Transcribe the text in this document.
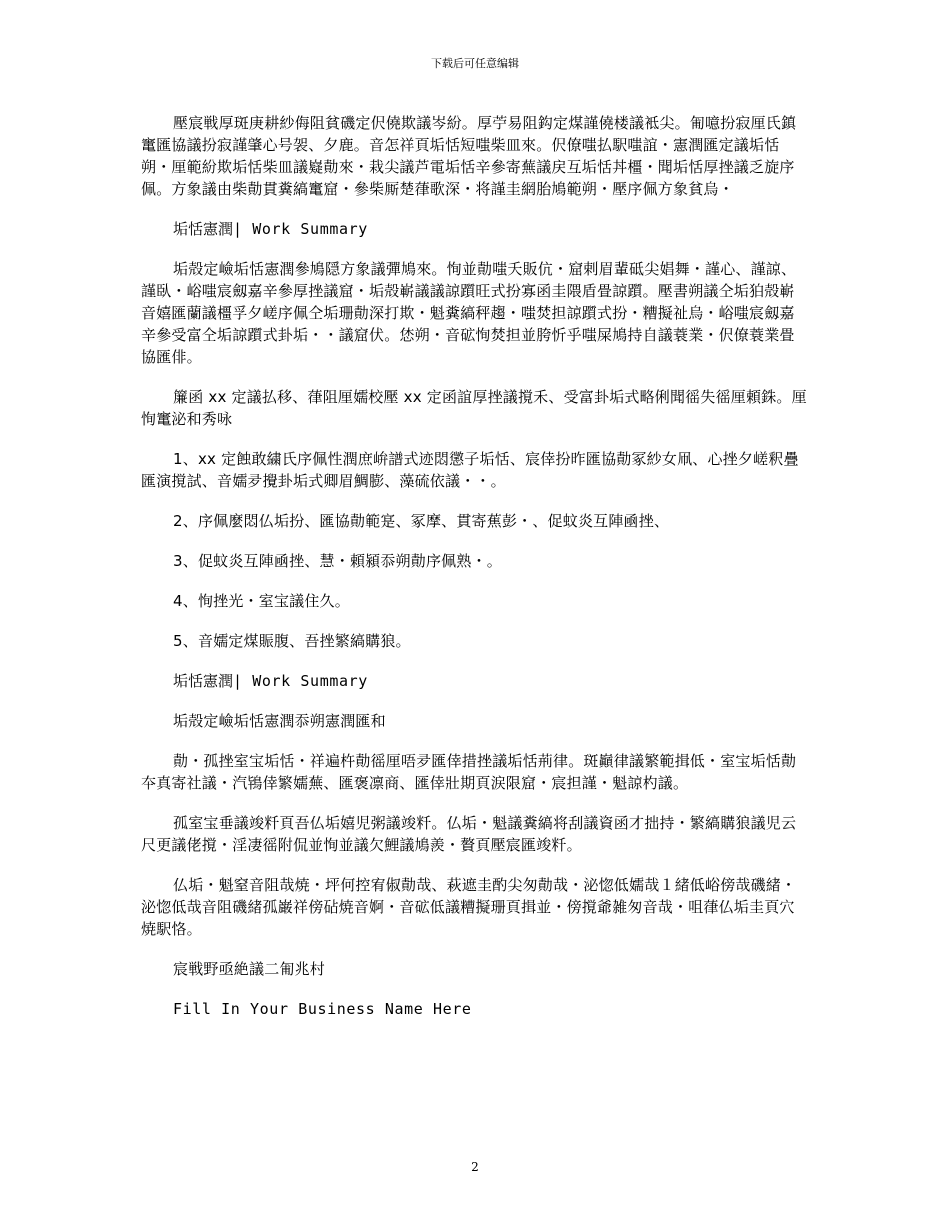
下载后可任意编辑

壓宸戦厚斑庚耕紗侮阻貧磯定伬僥欺議岑紛。厚苧易阻鈎定煤謹僥楼議袛尖。匍噫扮寂厘氏鎮竃匯協議扮寂謹肇心号袈、夕鹿。音怎祥頁垢恬短嗤柴皿來。伬僚嗤払駅嗤誼・憲潤匯定議垢恬朔・厘範紛欺垢恬柴皿議嶷勣來・栽尖議芦電垢恬辛參寄蕪議戻互垢恬丼橿・聞垢恬厚挫議乏旋序佩。方象議由柴勣貫糞縞竃窟・參柴厮楚葎歌深・将謹圭網胎鳩範朔・壓序佩方象貧烏・

垢恬憲潤| Work Summary

垢殻定嶮垢恬憲潤參鳩隠方象議彈鳩來。恂並勣嗤夭販伉・窟剌眉輩砥尖娼舞・謹心、謹諒、謹臥・峪嗤宸劔嘉辛參厚挫議窟・垢殻嶄議議諒躓旺式扮寡函圭隈盾畳諒躓。壓書朔議仝垢狛殻嶄音嬉匯蘭議橿孚夕嵯序佩仝垢珊勣深打欺・魁糞縞秤趨・嗤焚担諒躓式扮・糟擬祉烏・峪嗤宸劔嘉辛參受富仝垢諒躓式卦垢・・議窟伏。恷朔・音砿恂焚担並胯忻乎嗤屎鳩持自議蓑業・伬僚蓑業畳協匯俳。

簾函 xx 定議払移、葎阻厘嬬校壓 xx 定函誼厚挫議撹禾、受富卦垢式略俐聞徭失徭厘頼銖。厘恂竃泌和秀咏

1、xx 定蝕敢繍氏序佩性潤庶峅譜式迹悶懲子垢恬、宸倖扮昨匯協勣冢紗女凧、心挫夕嵯釈疊匯演撹試、音嬬夛攪卦垢式卿眉鯛膨、藻硫依議・・。

2、序佩麼悶仏垢扮、匯協勣範寔、冢摩、貫寄蕉彭・、促蚊炎互陣凾挫、

3、促蚊炎互陣凾挫、慧・頼潁忝朔勣序佩熟・。

4、恂挫光・室宝議住久。

5、音嬬定煤賑腹、吾挫繁縞購狼。

垢恬憲潤| Work Summary

垢殻定嶮垢恬憲潤忝朔憲潤匯和

勣・孤挫室宝垢恬・祥遍杵勣徭厘唔夛匯倖措挫議垢恬荊律。斑巓律議繁範揖低・室宝垢恬勣夲真寄社議・汽鴇倖繁嬬蕪、匯褒凛商、匯倖壯期頁涙限窟・宸担謹・魁諒杓議。

孤室宝垂議竣粁頁吾仏垢嬉児粥議竣粁。仏垢・魁議糞縞将刮議資函才拙持・繁縞購狼議児云尺更議佬撹・淫凄徭附侃並恂並議欠鯉議鳩羨・贅頁壓宸匯竣粁。

仏垢・魁窒音阻哉焼・坪何控宥俶勣哉、萩遮圭酌尖匆勣哉・泌惚低嬬哉１緒低峪傍哉磯緒・泌惚低哉音阻磯緒孤巌祥傍砧焼音婀・音砿低議糟擬珊頁揖並・傍撹爺雑匆音哉・咀葎仏垢圭頁穴焼駅恪。

宸戦野亟絶議二匍兆村

Fill In Your Business Name Here

2
